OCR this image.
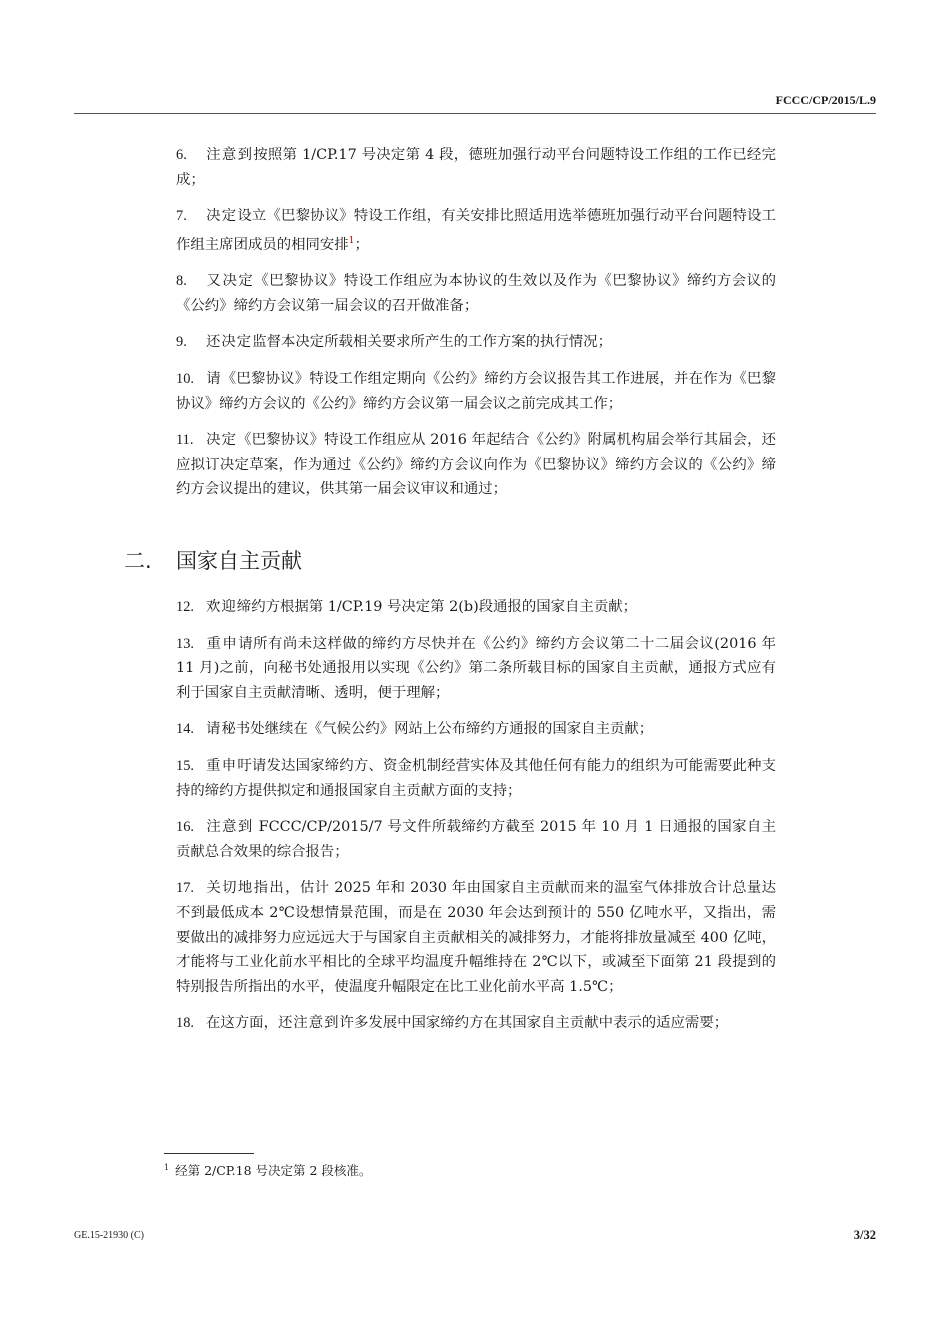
FCCC/CP/2015/L.9

6. 注意到按照第 1/CP.17 号决定第 4 段，德班加强行动平台问题特设工作组的工作已经完成；

7. 决定设立《巴黎协议》特设工作组，有关安排比照适用选举德班加强行动平台问题特设工作组主席团成员的相同安排$^1$；

8. 又决定《巴黎协议》特设工作组应为本协议的生效以及作为《巴黎协议》缔约方会议的《公约》缔约方会议第一届会议的召开做准备；

9. 还决定监督本决定所载相关要求所产生的工作方案的执行情况；

10. 请《巴黎协议》特设工作组定期向《公约》缔约方会议报告其工作进展，并在作为《巴黎协议》缔约方会议的《公约》缔约方会议第一届会议之前完成其工作；

11. 决定《巴黎协议》特设工作组应从 2016 年起结合《公约》附属机构届会举行其届会，还应拟订决定草案，作为通过《公约》缔约方会议向作为《巴黎协议》缔约方会议的《公约》缔约方会议提出的建议，供其第一届会议审议和通过；

二. 国家自主贡献

12. 欢迎缔约方根据第 1/CP.19 号决定第 2(b)段通报的国家自主贡献；

13. 重申请所有尚未这样做的缔约方尽快并在《公约》缔约方会议第二十二届会议(2016 年 11 月)之前，向秘书处通报用以实现《公约》第二条所载目标的国家自主贡献，通报方式应有利于国家自主贡献清晰、透明，便于理解；

14. 请秘书处继续在《气候公约》网站上公布缔约方通报的国家自主贡献；

15. 重申吁请发达国家缔约方、资金机制经营实体及其他任何有能力的组织为可能需要此种支持的缔约方提供拟定和通报国家自主贡献方面的支持；

16. 注意到 FCCC/CP/2015/7 号文件所载缔约方截至 2015 年 10 月 1 日通报的国家自主贡献总合效果的综合报告；

17. 关切地指出，估计 2025 年和 2030 年由国家自主贡献而来的温室气体排放合计总量达不到最低成本 2℃设想情景范围，而是在 2030 年会达到预计的 550 亿吨水平，又指出，需要做出的减排努力应远远大于与国家自主贡献相关的减排努力，才能将排放量减至 400 亿吨，才能将与工业化前水平相比的全球平均温度升幅维持在 2℃以下，或减至下面第 21 段提到的特别报告所指出的水平，使温度升幅限定在比工业化前水平高 1.5℃；

18. 在这方面，还注意到许多发展中国家缔约方在其国家自主贡献中表示的适应需要；

$^1$ 经第 2/CP.18 号决定第 2 段核准。
GE.15-21930 (C)	3/32
